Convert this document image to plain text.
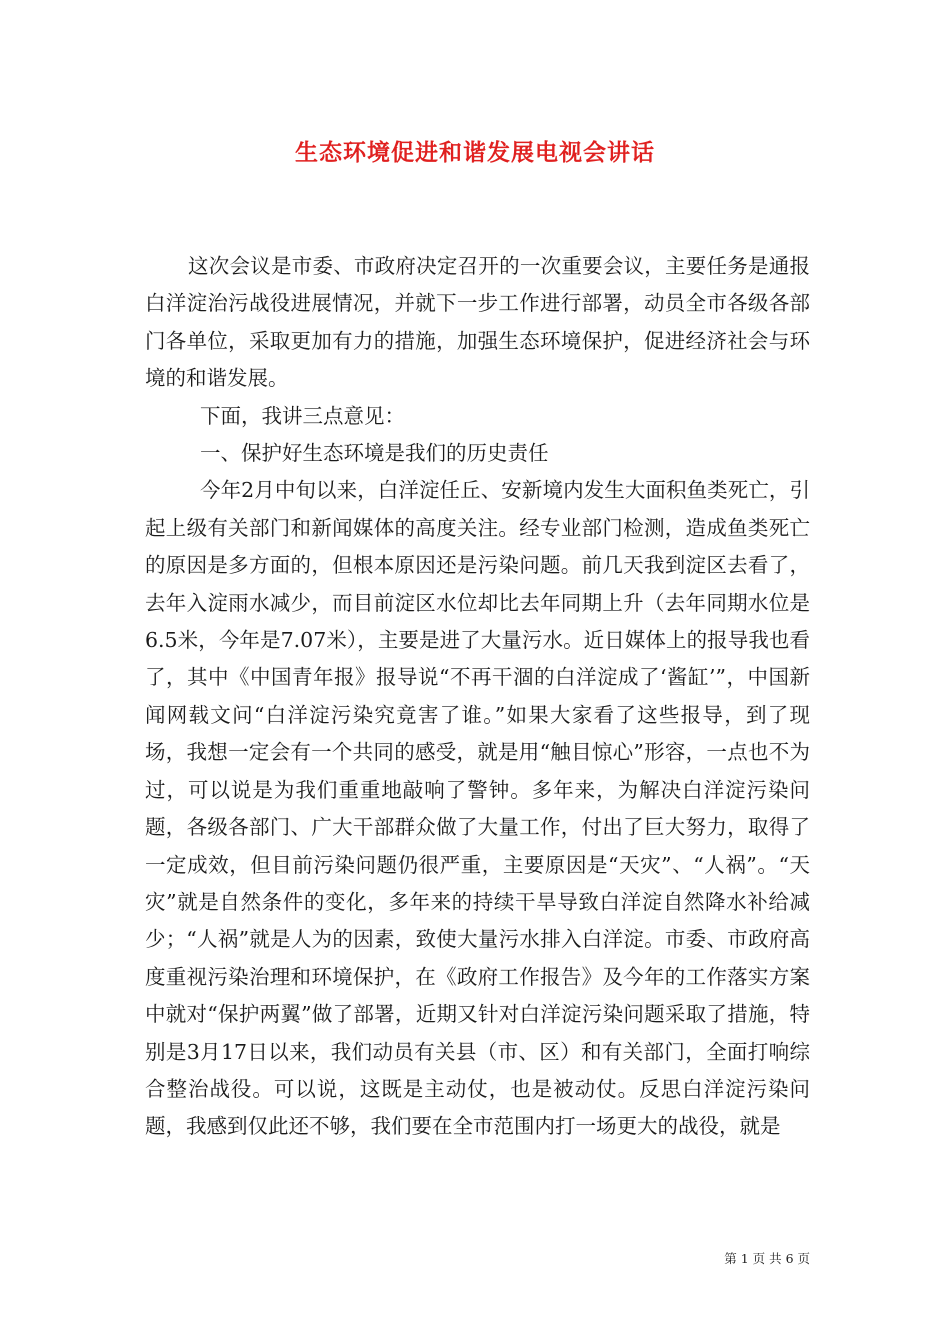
生态环境促进和谐发展电视会讲话

这次会议是市委、市政府决定召开的一次重要会议，主要任务是通报白洋淀治污战役进展情况，并就下一步工作进行部署，动员全市各级各部门各单位，采取更加有力的措施，加强生态环境保护，促进经济社会与环境的和谐发展。

下面，我讲三点意见：

一、保护好生态环境是我们的历史责任

今年2月中旬以来，白洋淀任丘、安新境内发生大面积鱼类死亡，引起上级有关部门和新闻媒体的高度关注。经专业部门检测，造成鱼类死亡的原因是多方面的，但根本原因还是污染问题。前几天我到淀区去看了，去年入淀雨水减少，而目前淀区水位却比去年同期上升（去年同期水位是6.5米，今年是7.07米），主要是进了大量污水。近日媒体上的报导我也看了，其中《中国青年报》报导说“不再干涸的白洋淀成了‘酱缸’”，中国新闻网载文问“白洋淀污染究竟害了谁。”如果大家看了这些报导，到了现场，我想一定会有一个共同的感受，就是用“触目惊心”形容，一点也不为过，可以说是为我们重重地敲响了警钟。多年来，为解决白洋淀污染问题，各级各部门、广大干部群众做了大量工作，付出了巨大努力，取得了一定成效，但目前污染问题仍很严重，主要原因是“天灾”、“人祸”。“天灾”就是自然条件的变化，多年来的持续干旱导致白洋淀自然降水补给减少；“人祸”就是人为的因素，致使大量污水排入白洋淀。市委、市政府高度重视污染治理和环境保护，在《政府工作报告》及今年的工作落实方案中就对“保护两翼”做了部署，近期又针对白洋淀污染问题采取了措施，特别是3月17日以来，我们动员有关县（市、区）和有关部门，全面打响综合整治战役。可以说，这既是主动仗，也是被动仗。反思白洋淀污染问题，我感到仅此还不够，我们要在全市范围内打一场更大的战役，就是

第 1 页 共 6 页
